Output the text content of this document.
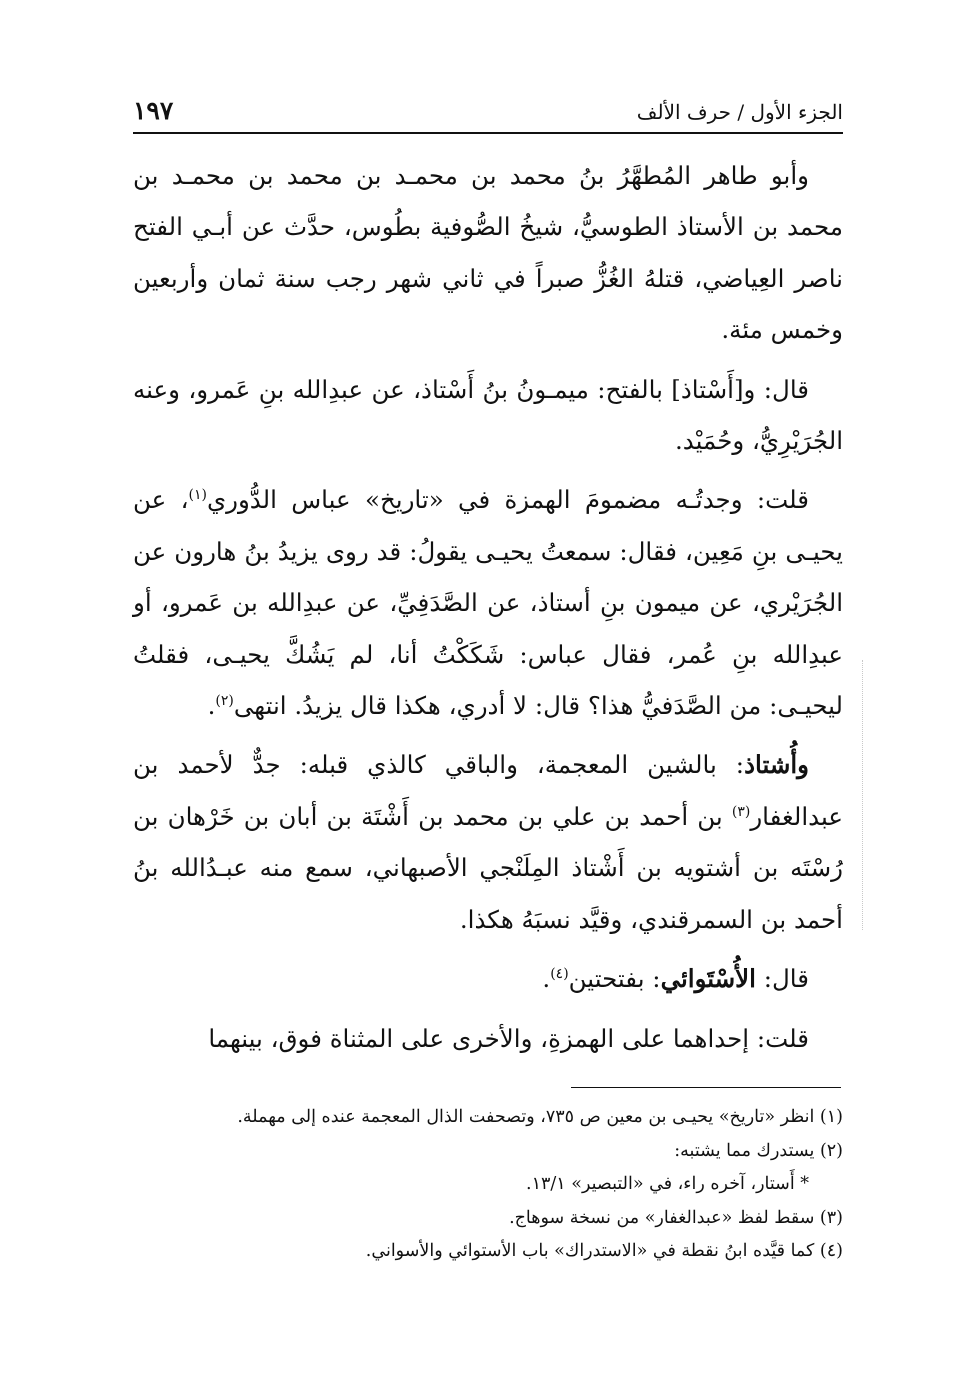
الجزء الأول / حرف الألف
١٩٧

وأبو طاهر المُطهَّرُ بنُ محمد بن محمـد بن محمد بن محمـد بن محمد بن الأستاذ الطوسيُّ، شيخُ الصُّوفية بطُوس، حدَّث عن أبـي الفتح ناصر العِياضي، قتلهُ الغُزُّ صبراً في ثاني شهر رجب سنة ثمان وأربعين وخمس مئة.

قال: و[أَسْتاذ] بالفتح: ميمـونُ بنُ أَسْتاذ، عن عبدِالله بنِ عَمرو، وعنه الجُرَيْرِيُّ، وحُمَيْد.

قلت: وجدتُـه مضمومَ الهمزة في «تاريخ» عباس الدُّوري$^{(١)}$، عن يحيـى بنِ مَعِين، فقال: سمعتُ يحيـى يقولُ: قد روى يزيدُ بنُ هارون عن الجُرَيْري، عن ميمون بنِ أستاذ، عن الصَّدَفِيِّ، عن عبدِالله بن عَمرو، أو عبدِالله بنِ عُمر، فقال عباس: شَكَكْتُ أنا، لم يَشُكَّ يحيـى، فقلتُ ليحيـى: من الصَّدَفيُّ هذا؟ قال: لا أدري، هكذا قال يزيدُ. انتهى$^{(٢)}$.

وأُشتاذ: بالشين المعجمة، والباقي كالذي قبله: جدٌّ لأحمد بن عبدالغفار$^{(٣)}$ بن أحمد بن علي بن محمد بن أَشْتَة بن أبان بن خَرْهان بن رُسْتَه بن أشتويه بن أَشْتاذ المِلَنْجي الأصبهاني، سمع منه عبـدُالله بنُ أحمد بن السمرقندي، وقيَّد نسبَهُ هكذا.

قال: الأُسْتَوائي: بفتحتين$^{(٤)}$.

قلت: إحداهما على الهمزةِ، والأخرى على المثناة فوق، بينهما

(١) انظر «تاريخ» يحيـى بن معين ص ٧٣٥، وتصحفت الذال المعجمة عنده إلى مهملة.

(٢) يستدرك مما يشتبه:

* أَستار، آخره راء، في «التبصير» ١٣/١.

(٣) سقط لفظ «عبدالغفار» من نسخة سوهاج.

(٤) كما قيَّده ابنُ نقطة في «الاستدراك» باب الأستوائي والأسواني.
